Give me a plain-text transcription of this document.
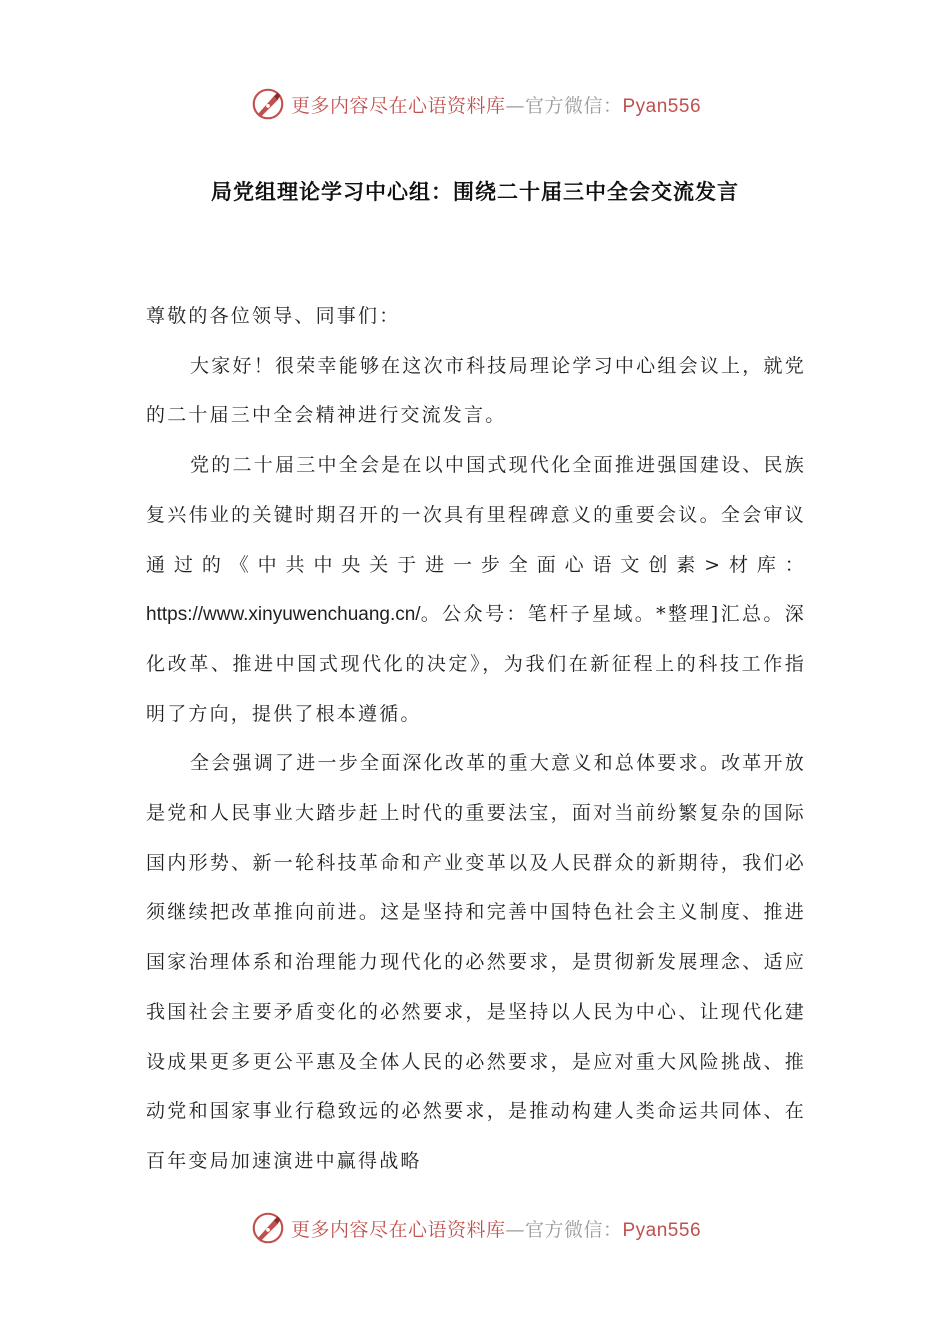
更多内容尽在心语资料库—官方微信：Pyan556
局党组理论学习中心组：围绕二十届三中全会交流发言

尊敬的各位领导、同事们：

大家好！很荣幸能够在这次市科技局理论学习中心组会议上，就党的二十届三中全会精神进行交流发言。

党的二十届三中全会是在以中国式现代化全面推进强国建设、民族复兴伟业的关键时期召开的一次具有里程碑意义的重要会议。全会审议通过的《中共中央关于进一步全面心语文创素>材库：https://www.xinyuwenchuang.cn/。公众号：笔杆子星域。*整理]汇总。深化改革、推进中国式现代化的决定》，为我们在新征程上的科技工作指明了方向，提供了根本遵循。

全会强调了进一步全面深化改革的重大意义和总体要求。改革开放是党和人民事业大踏步赶上时代的重要法宝，面对当前纷繁复杂的国际国内形势、新一轮科技革命和产业变革以及人民群众的新期待，我们必须继续把改革推向前进。这是坚持和完善中国特色社会主义制度、推进国家治理体系和治理能力现代化的必然要求，是贯彻新发展理念、适应我国社会主要矛盾变化的必然要求，是坚持以人民为中心、让现代化建设成果更多更公平惠及全体人民的必然要求，是应对重大风险挑战、推动党和国家事业行稳致远的必然要求，是推动构建人类命运共同体、在百年变局加速演进中赢得战略

更多内容尽在心语资料库—官方微信：Pyan556
